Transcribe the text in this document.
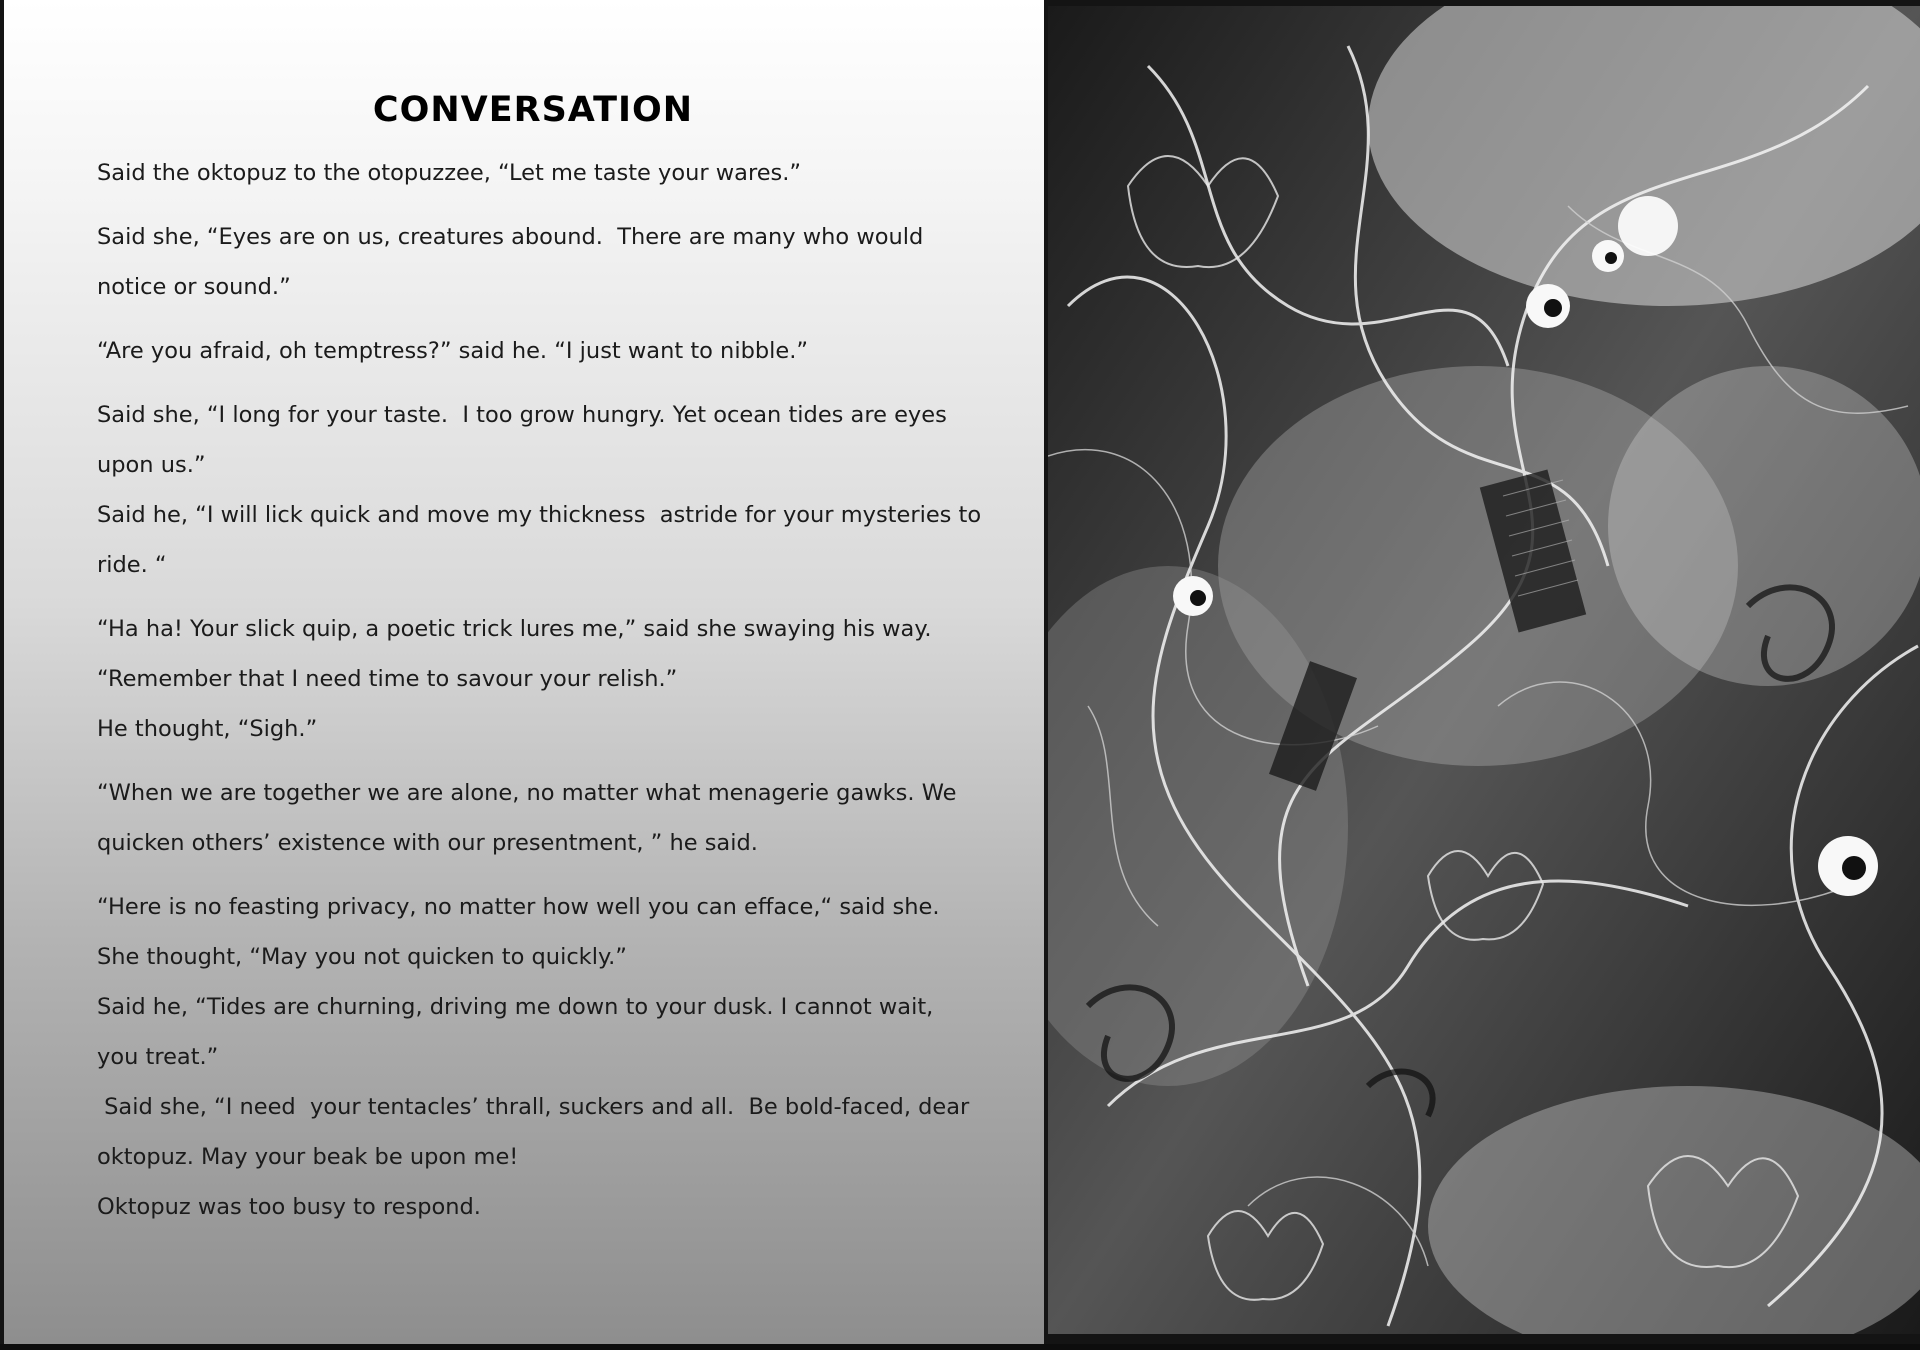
CONVERSATION
Said the oktopuz to the otopuzzee, “Let me taste your wares.”
Said she, “Eyes are on us, creatures abound.  There are many who would
notice or sound.”
“Are you afraid, oh temptress?” said he. “I just want to nibble.”
Said she, “I long for your taste.  I too grow hungry. Yet ocean tides are eyes
upon us.”
Said he, “I will lick quick and move my thickness  astride for your mysteries to
ride. “
“Ha ha! Your slick quip, a poetic trick lures me,” said she swaying his way.
“Remember that I need time to savour your relish.”
He thought, “Sigh.”
“When we are together we are alone, no matter what menagerie gawks. We
quicken others’ existence with our presentment, ” he said.
“Here is no feasting privacy, no matter how well you can efface,“ said she.
She thought, “May you not quicken to quickly.”
Said he, “Tides are churning, driving me down to your dusk. I cannot wait,
you treat.”
Said she, “I need  your tentacles’ thrall, suckers and all.  Be bold-faced, dear
oktopuz. May your beak be upon me!
Oktopuz was too busy to respond.
